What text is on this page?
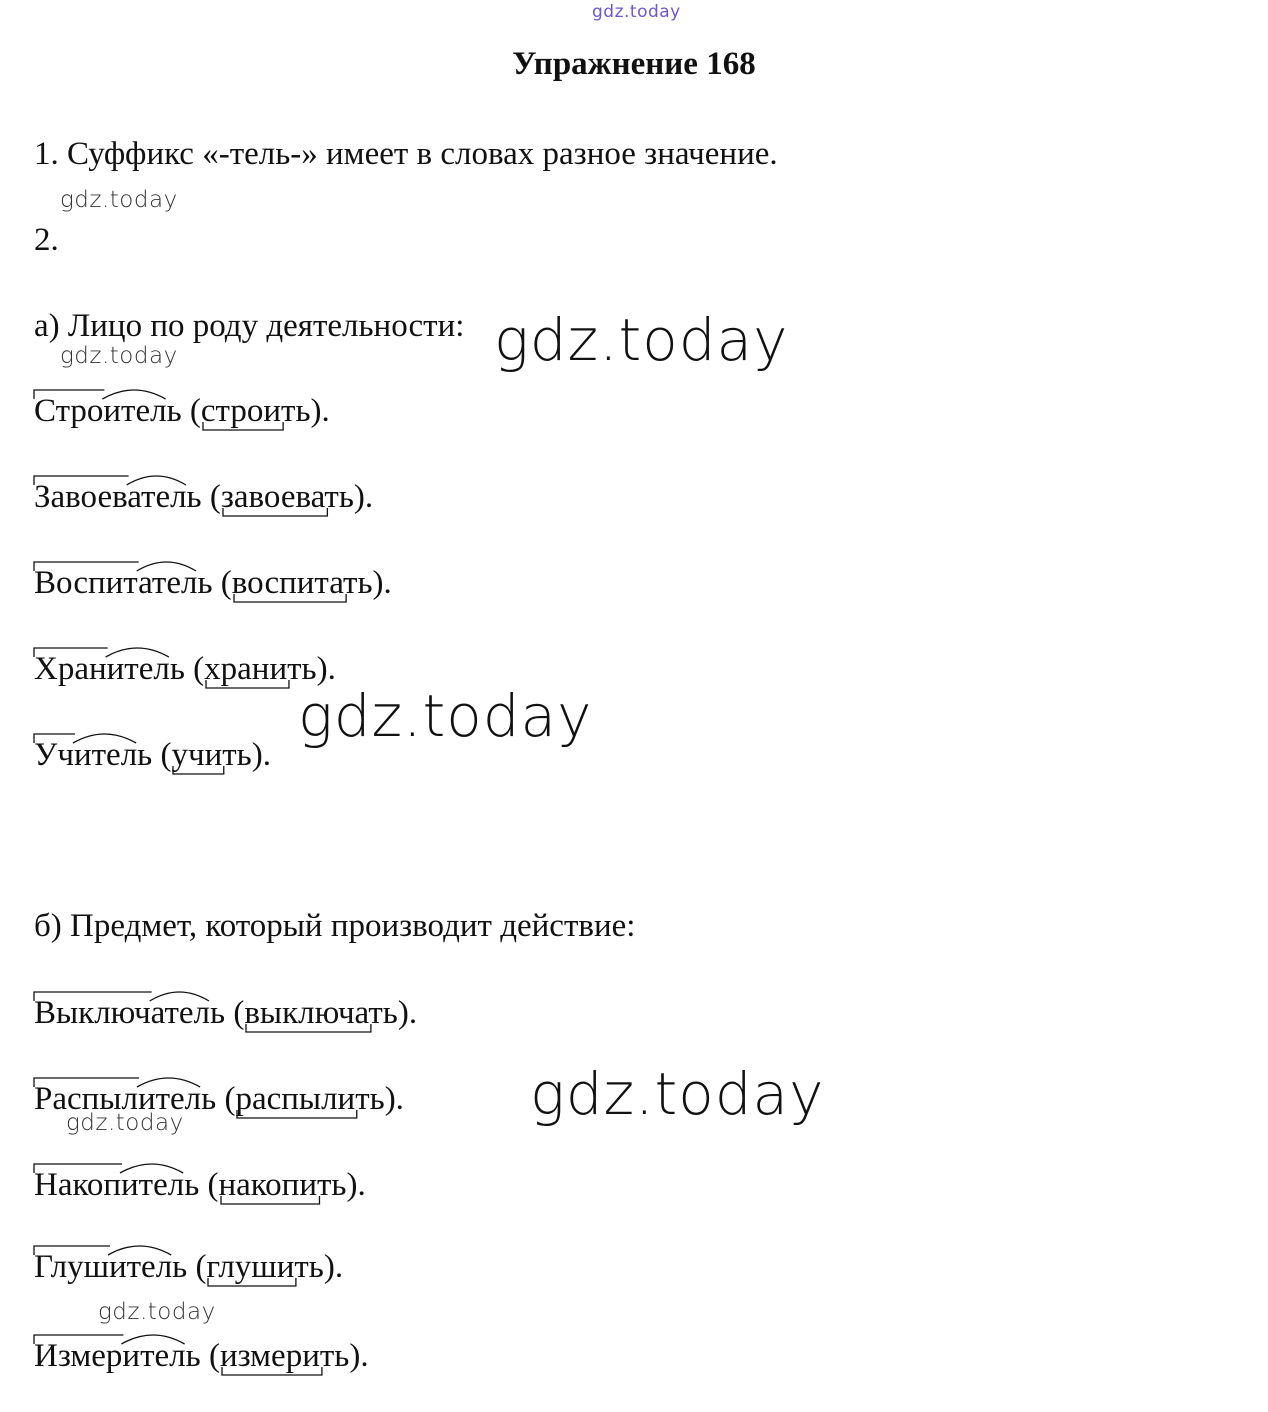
gdz.today
gdz.today
gdz.today	gdz.today
gdz.today
gdz.today
gdz.today
gdz.today
Упражнение 168
1. Суффикс «-тель-» имеет в словах разное значение.
2.
а) Лицо по роду деятельности:
Строитель (строить
).
Завоеватель (завоевать
).
Воспитатель (воспитать
).
Хранитель (хранить
).
Учитель (учить
).
б) Предмет, который производит действие:
Выключатель (выключать
).
Распылитель (распылить
).
Накопитель (накопить
).
Глушитель (глушить
).
Измеритель (измерить
).
